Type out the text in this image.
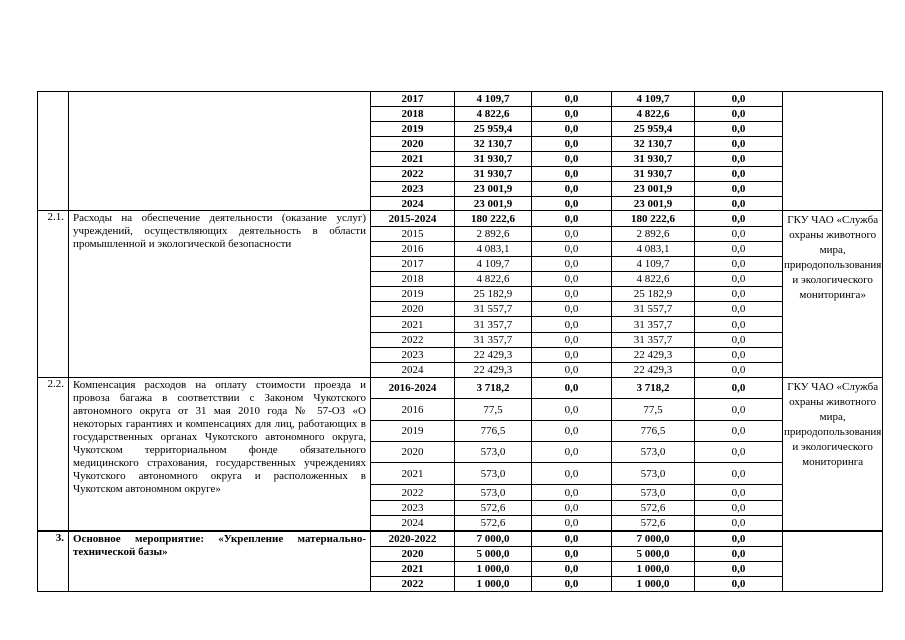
		2017	4 109,7	0,0	4 109,7	0,0	
		2018	4 822,6	0,0	4 822,6	0,0	
		2019	25 959,4	0,0	25 959,4	0,0	
		2020	32 130,7	0,0	32 130,7	0,0	
		2021	31 930,7	0,0	31 930,7	0,0	
		2022	31 930,7	0,0	31 930,7	0,0	
		2023	23 001,9	0,0	23 001,9	0,0	
		2024	23 001,9	0,0	23 001,9	0,0	
2.1.	Расходы на обеспечение деятельности (оказание услуг) учреждений, осуществляющих деятельность в области промышленной и экологической безопасности	2015-2024	180 222,6	0,0	180 222,6	0,0	ГКУ ЧАО «Служба охраны животного мира, природопользования и экологического мониторинга»
		2015	2 892,6	0,0	2 892,6	0,0	
		2016	4 083,1	0,0	4 083,1	0,0	
		2017	4 109,7	0,0	4 109,7	0,0	
		2018	4 822,6	0,0	4 822,6	0,0	
		2019	25 182,9	0,0	25 182,9	0,0	
		2020	31 557,7	0,0	31 557,7	0,0	
		2021	31 357,7	0,0	31 357,7	0,0	
		2022	31 357,7	0,0	31 357,7	0,0	
		2023	22 429,3	0,0	22 429,3	0,0	
		2024	22 429,3	0,0	22 429,3	0,0	
2.2.	Компенсация расходов на оплату стоимости проезда и провоза багажа в соответствии с Законом Чукотского автономного округа от 31 мая 2010 года № 57-ОЗ «О некоторых гарантиях и компенсациях для лиц, работающих в государственных органах Чукотского автономного округа, Чукотском территориальном фонде обязательного медицинского страхования, государственных учреждениях Чукотского автономного округа и расположенных в Чукотском автономном округе»	2016-2024	3 718,2	0,0	3 718,2	0,0	ГКУ ЧАО «Служба охраны животного мира, природопользования и экологического мониторинга
		2016	77,5	0,0	77,5	0,0	
		2019	776,5	0,0	776,5	0,0	
		2020	573,0	0,0	573,0	0,0	
		2021	573,0	0,0	573,0	0,0	
		2022	573,0	0,0	573,0	0,0	
		2023	572,6	0,0	572,6	0,0	
		2024	572,6	0,0	572,6	0,0	
3.	Основное мероприятие: «Укрепление материально-технической базы»	2020-2022	7 000,0	0,0	7 000,0	0,0	
		2020	5 000,0	0,0	5 000,0	0,0	
		2021	1 000,0	0,0	1 000,0	0,0	
		2022	1 000,0	0,0	1 000,0	0,0	
